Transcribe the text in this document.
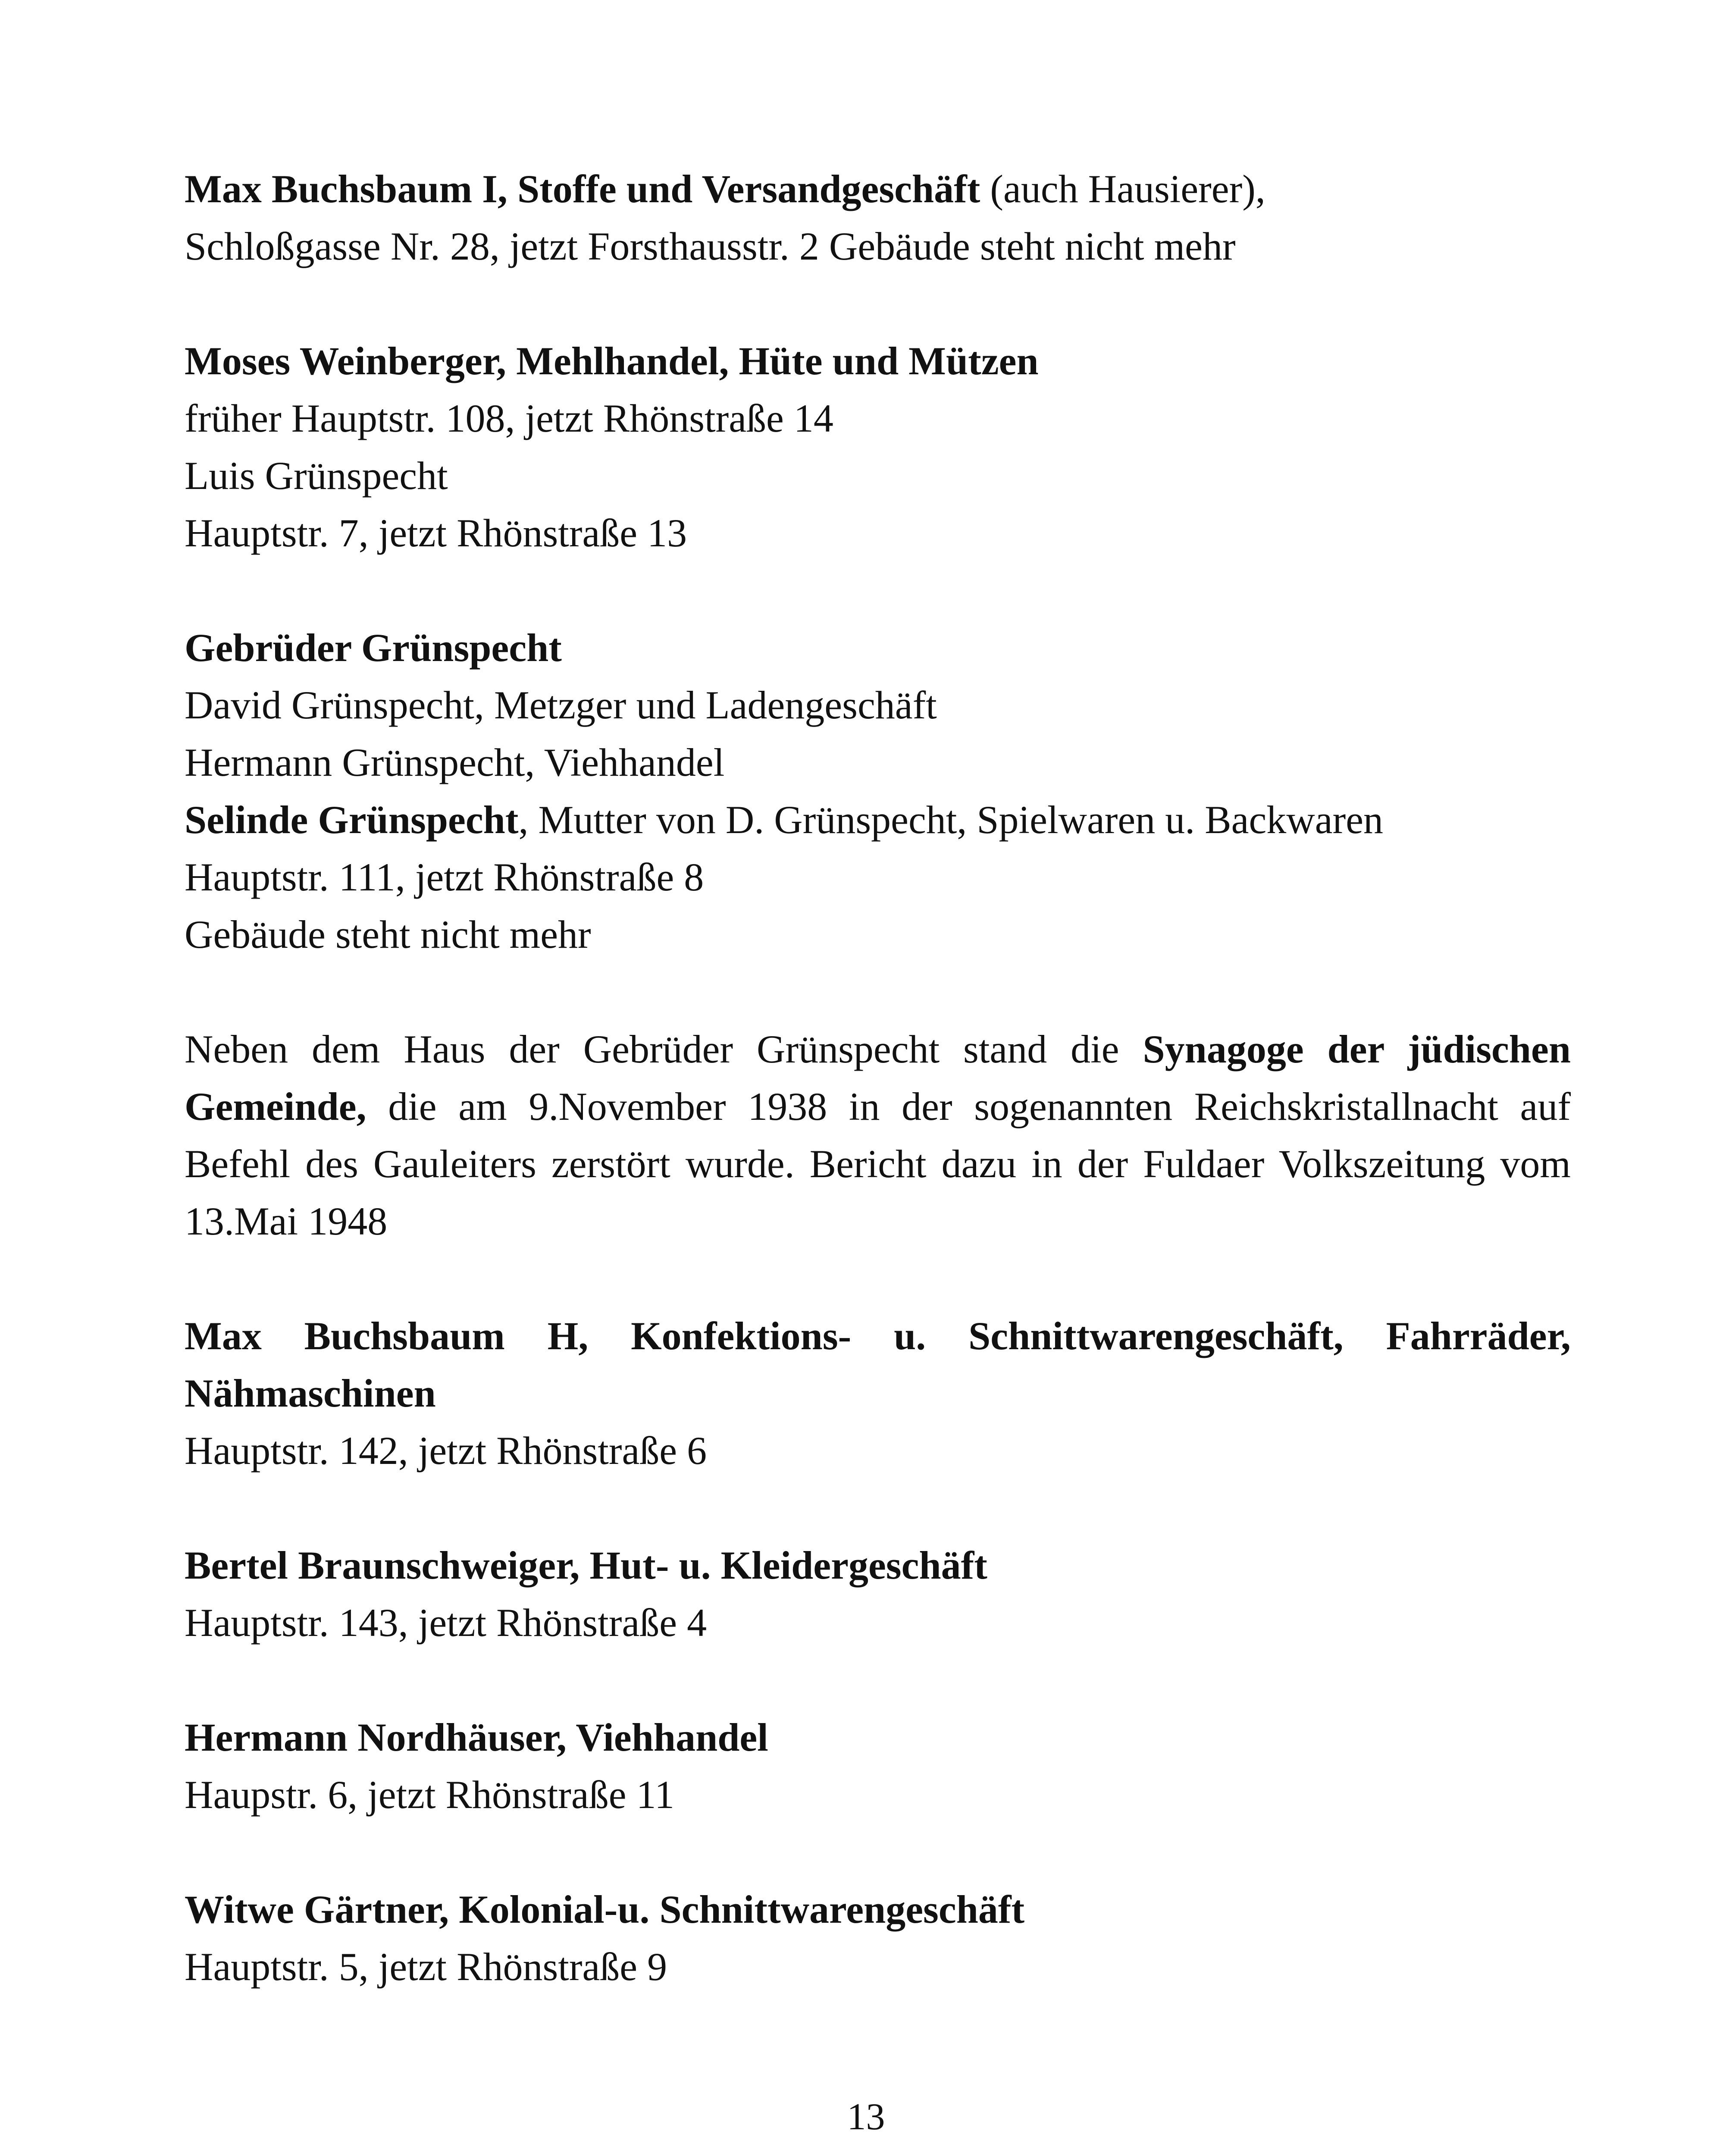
Max Buchsbaum I, Stoffe und Versandgeschäft (auch Hausierer),
Schloßgasse Nr. 28, jetzt Forsthausstr. 2 Gebäude steht nicht mehr
Moses Weinberger, Mehlhandel, Hüte und Mützen
früher Hauptstr. 108, jetzt Rhönstraße 14
Luis Grünspecht
Hauptstr. 7, jetzt Rhönstraße 13
Gebrüder Grünspecht
David Grünspecht, Metzger und Ladengeschäft
Hermann Grünspecht, Viehhandel
Selinde Grünspecht, Mutter von D. Grünspecht, Spielwaren u. Backwaren
Hauptstr. 111, jetzt Rhönstraße 8
Gebäude steht nicht mehr
Neben dem Haus der Gebrüder Grünspecht stand die Synagoge der jüdischen Gemeinde, die am 9.November 1938 in der sogenannten Reichskristallnacht auf Befehl des Gauleiters zerstört wurde. Bericht dazu in der Fuldaer Volkszeitung vom 13.Mai 1948
Max Buchsbaum H, Konfektions- u. Schnittwarengeschäft, Fahrräder, Nähmaschinen
Hauptstr. 142, jetzt Rhönstraße 6
Bertel Braunschweiger, Hut- u. Kleidergeschäft
Hauptstr. 143, jetzt Rhönstraße 4
Hermann Nordhäuser, Viehhandel
Haupstr. 6, jetzt Rhönstraße 11
Witwe Gärtner, Kolonial-u. Schnittwarengeschäft
Hauptstr. 5, jetzt Rhönstraße 9
13
